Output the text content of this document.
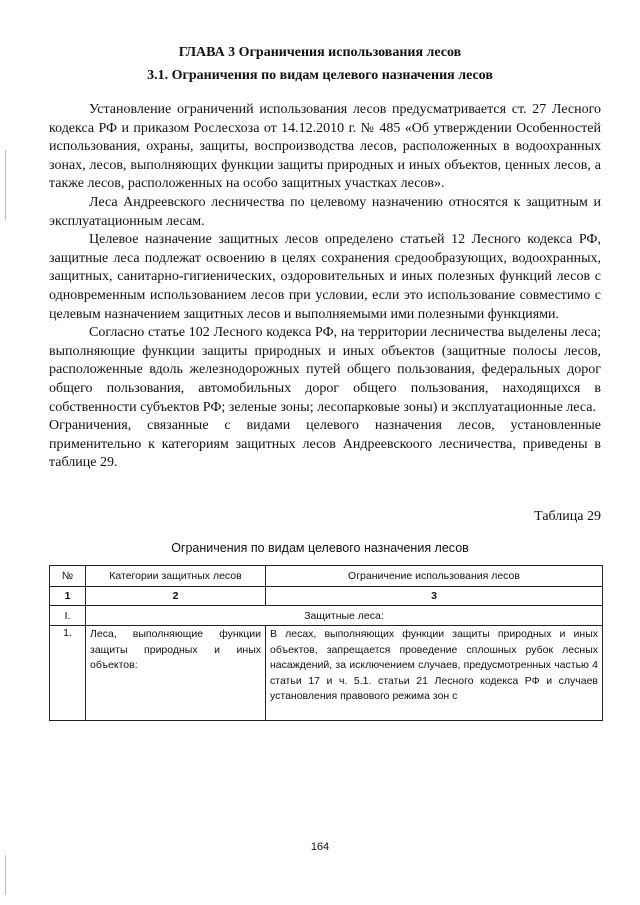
ГЛАВА 3 Ограничения использования лесов
3.1. Ограничения по видам целевого назначения лесов

Установление ограничений использования лесов предусматривается ст. 27 Лесного кодекса РФ и приказом Рослесхоза от 14.12.2010 г. № 485 «Об утверждении Особенностей использования, охраны, защиты, воспроизводства лесов, расположенных в водоохранных зонах, лесов, выполняющих функции защиты природных и иных объектов, ценных лесов, а также лесов, расположенных на особо защитных участках лесов».

Леса Андреевского лесничества по целевому назначению относятся к защитным и эксплуатационным лесам.

Целевое назначение защитных лесов определено статьей 12 Лесного кодекса РФ, защитные леса подлежат освоению в целях сохранения средообразующих, водоохранных, защитных, санитарно-гигиенических, оздоровительных и иных полезных функций лесов с одновременным использованием лесов при условии, если это использование совместимо с целевым назначением защитных лесов и выполняемыми ими полезными функциями.

Согласно статье 102 Лесного кодекса РФ, на территории лесничества выделены леса; выполняющие функции защиты природных и иных объектов (защитные полосы лесов, расположенные вдоль железнодорожных путей общего пользования, федеральных дорог общего пользования, автомобильных дорог общего пользования, находящихся в собственности субъектов РФ; зеленые зоны; лесопарковые зоны) и эксплуатационные леса.

Ограничения, связанные с видами целевого назначения лесов, установленные применительно к категориям защитных лесов Андреевскоого лесничества, приведены в таблице 29.

Таблица 29
Ограничения по видам целевого назначения лесов
№	Категории защитных лесов	Ограничение использования лесов
1	2	3
I.	Защитные леса:	
1.	Леса, выполняющие функции защиты природных и иных объектов:	В лесах, выполняющих функции защиты природных и иных объектов, запрещается проведение сплошных рубок лесных насаждений, за исключением случаев, предусмотренных частью 4 статьи 17 и ч. 5.1. статьи 21 Лесного кодекса РФ и случаев установления правового режима зон с
164
